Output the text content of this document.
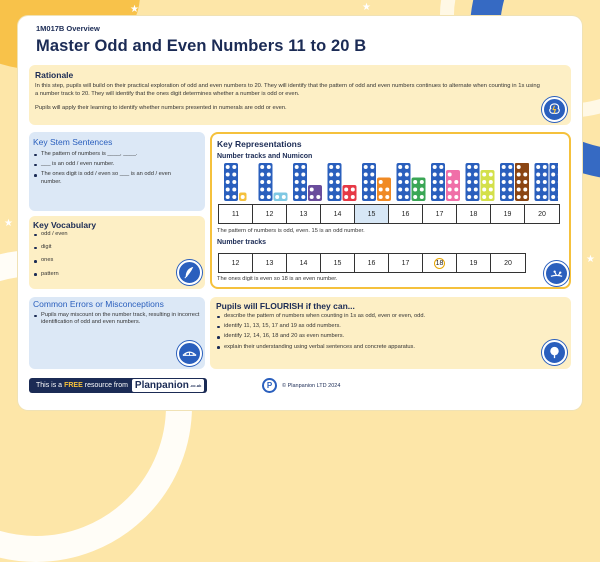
★	★
★
★
1M017B Overview
Master Odd and Even Numbers 11 to 20 B
Rationale
In this step, pupils will build on their practical exploration of odd and even numbers to 20. They will identify that the pattern of odd and even numbers continues to alternate when counting in 1s using a number track to 20. They will identify that the ones digit determines whether a number is odd or even.
Pupils will apply their learning to identify whether numbers presented in numerals are odd or even.
Key Stem Sentences
The pattern of numbers is ____, ____.
___ is an odd / even number.
The ones digit is odd / even so ___ is an odd / even number.
Key Vocabulary
odd / even
digit
ones
pattern
Common Errors or Misconceptions
Pupils may miscount on the number track, resulting in incorrect identification of odd and even numbers.
Key Representations
Number tracks and Numicon
11	12	13	14	15	16	17	18	19	20
The pattern of numbers is odd, even. 15 is an odd number.
Number tracks
12	13	14	15	16	17	18	19	20
The ones digit is even so 18 is an even number.
Pupils will FLOURISH if they can...
describe the pattern of numbers when counting in 1s as odd, even or even, odd.
identify 11, 13, 15, 17 and 19 as odd numbers.
identify 12, 14, 16, 18 and 20 as even numbers.
explain their understanding using verbal sentences and concrete apparatus.
This is a FREE resource from Planpanion .co.uk	P	© Planpanion LTD 2024
